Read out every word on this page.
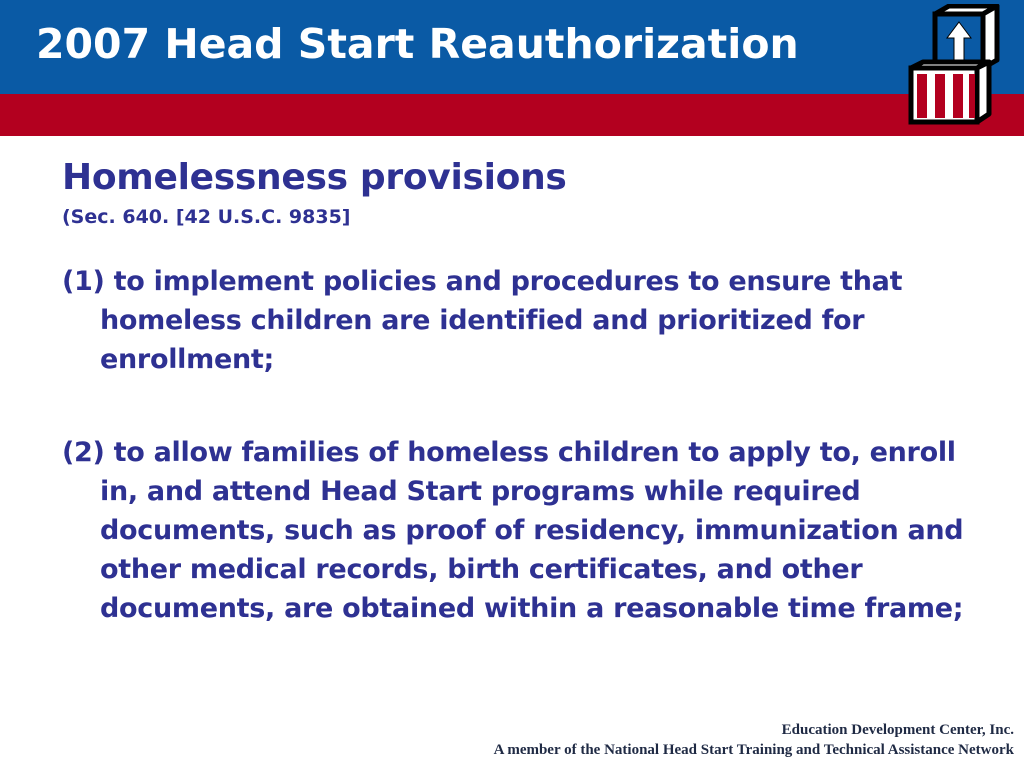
2007 Head Start Reauthorization
Homelessness provisions

(Sec. 640. [42 U.S.C. 9835]

(1) to implement policies and procedures to ensure that homeless children are identified and prioritized for enrollment;

(2) to allow families of homeless children to apply to, enroll in, and attend Head Start programs while required documents, such as proof of residency, immunization and other medical records, birth certificates, and other documents, are obtained within a reasonable time frame;

Education Development Center, Inc.
A member of the National Head Start Training and Technical Assistance Network
